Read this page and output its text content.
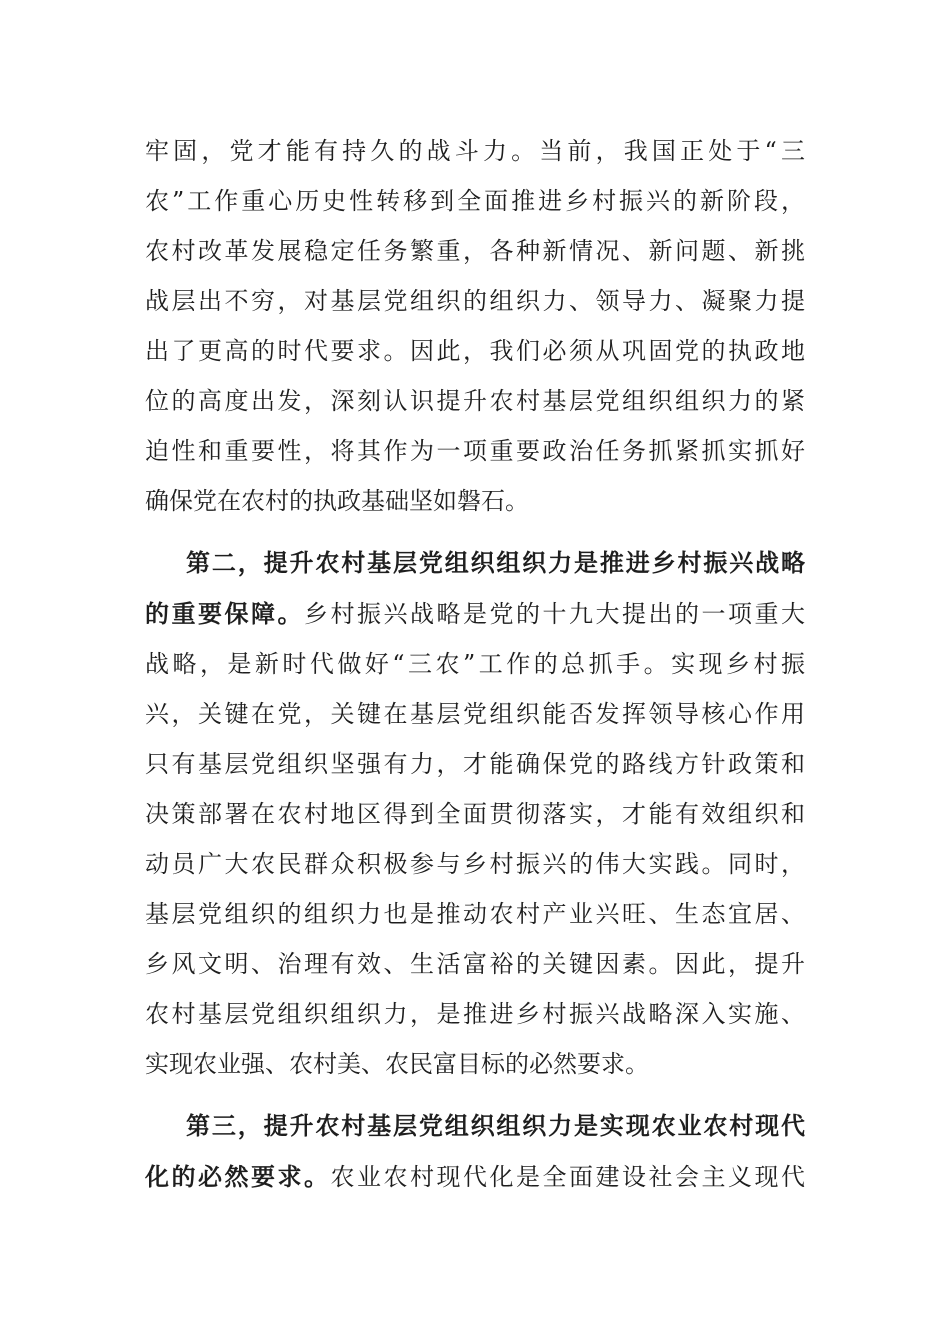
牢固，党才能有持久的战斗力。当前，我国正处于“三
农”工作重心历史性转移到全面推进乡村振兴的新阶段，
农村改革发展稳定任务繁重，各种新情况、新问题、新挑
战层出不穷，对基层党组织的组织力、领导力、凝聚力提
出了更高的时代要求。因此，我们必须从巩固党的执政地
位的高度出发，深刻认识提升农村基层党组织组织力的紧
迫性和重要性，将其作为一项重要政治任务抓紧抓实抓好
确保党在农村的执政基础坚如磐石。
第二，提升农村基层党组织组织力是推进乡村振兴战略
的重要保障。乡村振兴战略是党的十九大提出的一项重大
战略，是新时代做好“三农”工作的总抓手。实现乡村振
兴，关键在党，关键在基层党组织能否发挥领导核心作用
只有基层党组织坚强有力，才能确保党的路线方针政策和
决策部署在农村地区得到全面贯彻落实，才能有效组织和
动员广大农民群众积极参与乡村振兴的伟大实践。同时，
基层党组织的组织力也是推动农村产业兴旺、生态宜居、
乡风文明、治理有效、生活富裕的关键因素。因此，提升
农村基层党组织组织力，是推进乡村振兴战略深入实施、
实现农业强、农村美、农民富目标的必然要求。
第三，提升农村基层党组织组织力是实现农业农村现代
化的必然要求。农业农村现代化是全面建设社会主义现代
